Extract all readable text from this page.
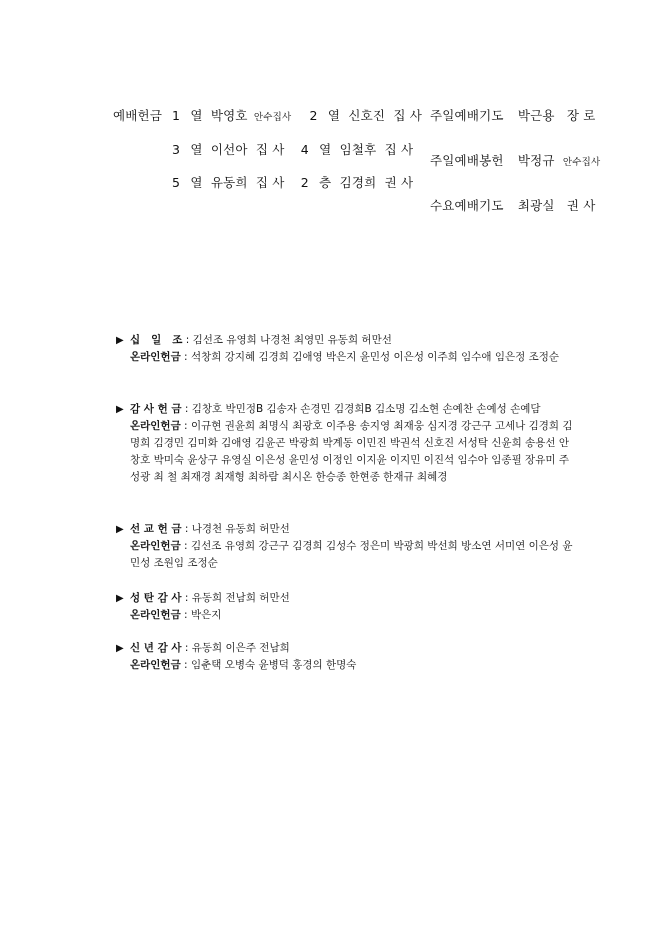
예배헌금 1 열 박영호 안수집사 2 열 신호진 집 사
3 열 이선아 집 사 4 열 임철후 집 사
5 열 유동희 집 사 2 층 김경희 권 사
주일예배기도 박근용 장 로
주일예배봉헌 박정규 안수집사
수요예배기도 최광실 권 사
▶ 십   일   조 : 김선조 유영희 나경천 최영민 유동희 허만선
온라인헌금 : 석창희 강지혜 김경희 김애영 박은지 윤민성 이은성 이주희 임수애 임은정 조정순
▶ 감 사 헌 금 : 김창호 박민정B 김송자 손경민 김경희B 김소명 김소현 손예찬 손예성 손예담
온라인헌금 : 이규현 권윤희 최명식 최광호 이주용 송지영 최재웅 심지경 강근구 고세나 김경희 김명희 김경민 김미화 김애영 김윤곤 박광희 박계동 이민진 박권석 신호진 서성탁 신윤희 송용선 안창호 박미숙 윤상구 유영실 이은성 윤민성 이정인 이지윤 이지민 이진석 임수아 임종필 장유미 주성광 최 철 최재경 최재형 최하람 최시온 한승종 한현종 한재규 최혜경
▶ 선 교 헌 금 : 나경천 유동희 허만선
온라인헌금 : 김선조 유영희 강근구 김경희 김성수 정은미 박광희 박선희 방소연 서미연 이은성 윤민성 조원임 조정순
▶ 성 탄 감 사 : 유동희 전남희 허만선
온라인헌금 : 박은지
▶ 신 년 감 사 : 유동희 이은주 전남희
온라인헌금 : 임춘택 오병숙 윤병덕 홍경의 한명숙
